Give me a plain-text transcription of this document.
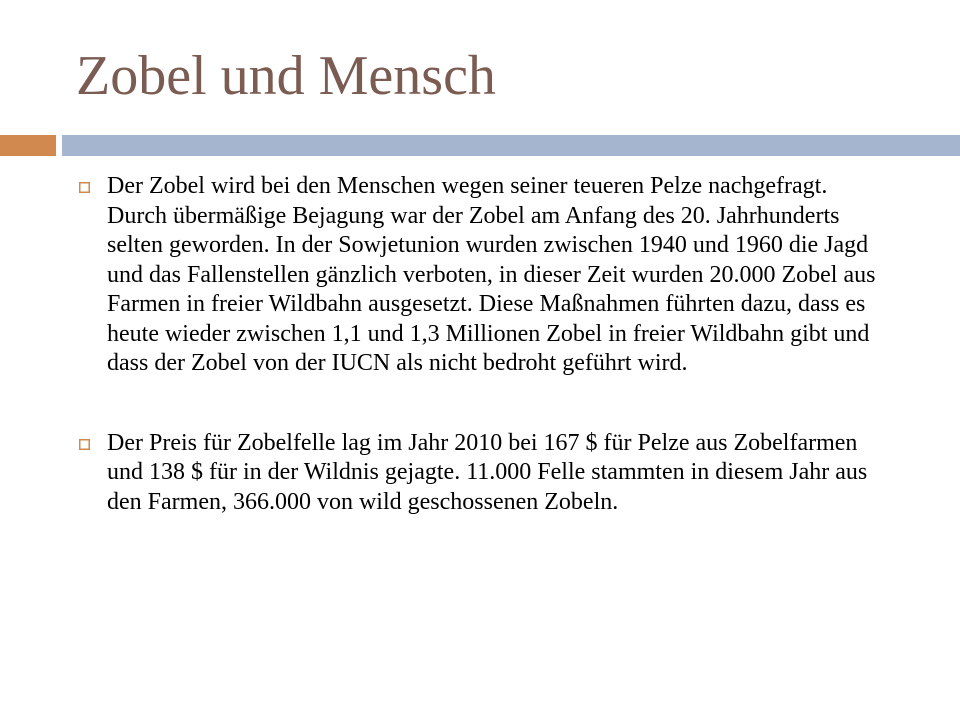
Zobel und Mensch
Der Zobel wird bei den Menschen wegen seiner teueren Pelze nachgefragt. Durch übermäßige Bejagung war der Zobel am Anfang des 20. Jahrhunderts selten geworden. In der Sowjetunion wurden zwischen 1940 und 1960 die Jagd und das Fallenstellen gänzlich verboten, in dieser Zeit wurden 20.000 Zobel aus Farmen in freier Wildbahn ausgesetzt. Diese Maßnahmen führten dazu, dass es heute wieder zwischen 1,1 und 1,3 Millionen Zobel in freier Wildbahn gibt und dass der Zobel von der IUCN als nicht bedroht geführt wird.
Der Preis für Zobelfelle lag im Jahr 2010 bei 167 $ für Pelze aus Zobelfarmen und 138 $ für in der Wildnis gejagte. 11.000 Felle stammten in diesem Jahr aus den Farmen, 366.000 von wild geschossenen Zobeln.
